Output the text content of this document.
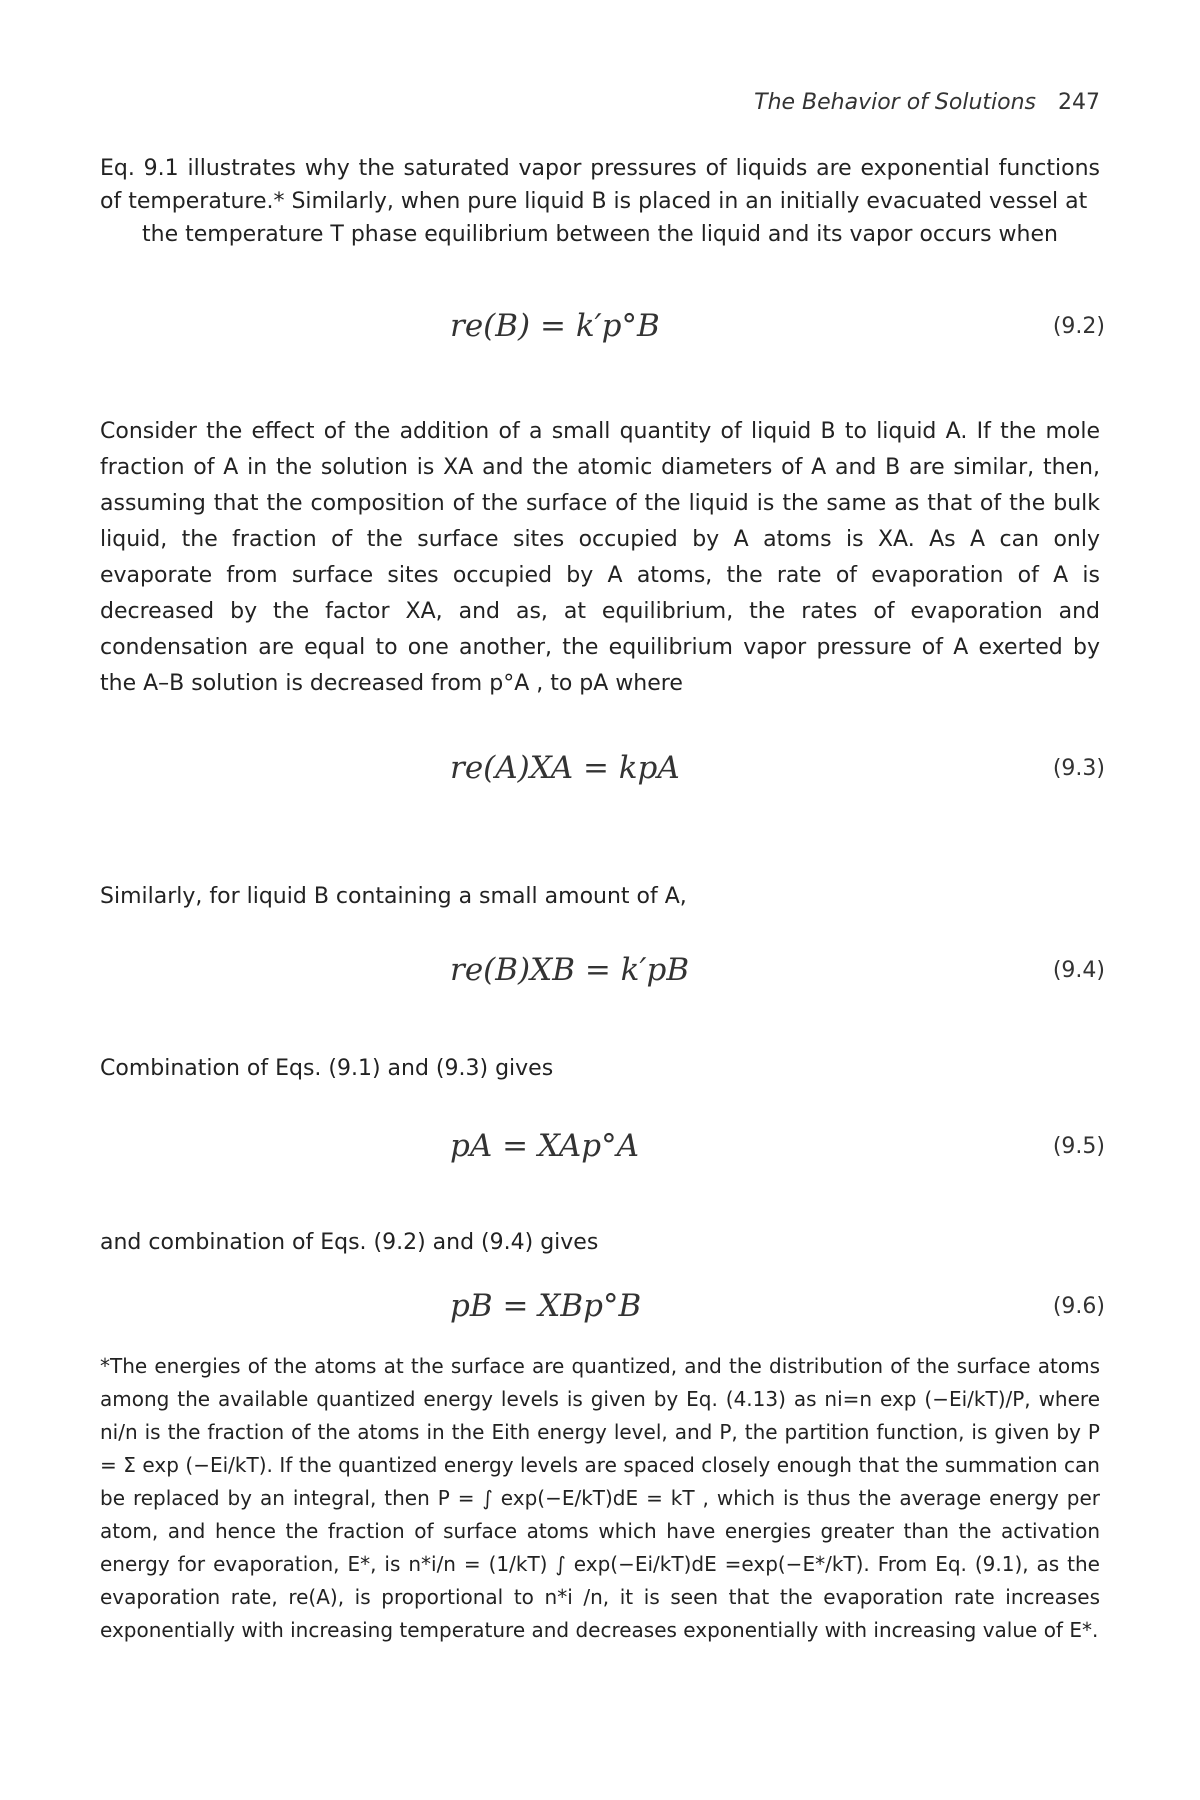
The Behavior of Solutions 247
Eq. 9.1 illustrates why the saturated vapor pressures of liquids are exponential functions of temperature.* Similarly, when pure liquid B is placed in an initially evacuated vessel at
the temperature T phase equilibrium between the liquid and its vapor occurs when
re(B) = k′p°B	(9.2)
Consider the effect of the addition of a small quantity of liquid B to liquid A. If the mole fraction of A in the solution is XA and the atomic diameters of A and B are similar, then, assuming that the composition of the surface of the liquid is the same as that of the bulk liquid, the fraction of the surface sites occupied by A atoms is XA. As A can only evaporate from surface sites occupied by A atoms, the rate of evaporation of A is decreased by the factor XA, and as, at equilibrium, the rates of evaporation and condensation are equal to one another, the equilibrium vapor pressure of A exerted by the A–B solution is decreased from p°A , to pA where
re(A)XA = kpA	(9.3)
Similarly, for liquid B containing a small amount of A,
re(B)XB = k′pB	(9.4)
Combination of Eqs. (9.1) and (9.3) gives
pA = XAp°A	(9.5)
and combination of Eqs. (9.2) and (9.4) gives
pB = XBp°B	(9.6)
*The energies of the atoms at the surface are quantized, and the distribution of the surface atoms among the available quantized energy levels is given by Eq. (4.13) as ni=n exp (−Ei/kT)/P, where ni/n is the fraction of the atoms in the Eith energy level, and P, the partition function, is given by P = Σ exp (−Ei/kT). If the quantized energy levels are spaced closely enough that the summation can be replaced by an integral, then P = ∫ exp(−E/kT)dE = kT , which is thus the average energy per atom, and hence the fraction of surface atoms which have energies greater than the activation energy for evaporation, E*, is n*i/n = (1/kT) ∫ exp(−Ei/kT)dE =exp(−E*/kT). From Eq. (9.1), as the evaporation rate, re(A), is proportional to n*i /n, it is seen that the evaporation rate increases exponentially with increasing temperature and decreases exponentially with increasing value of E*.
